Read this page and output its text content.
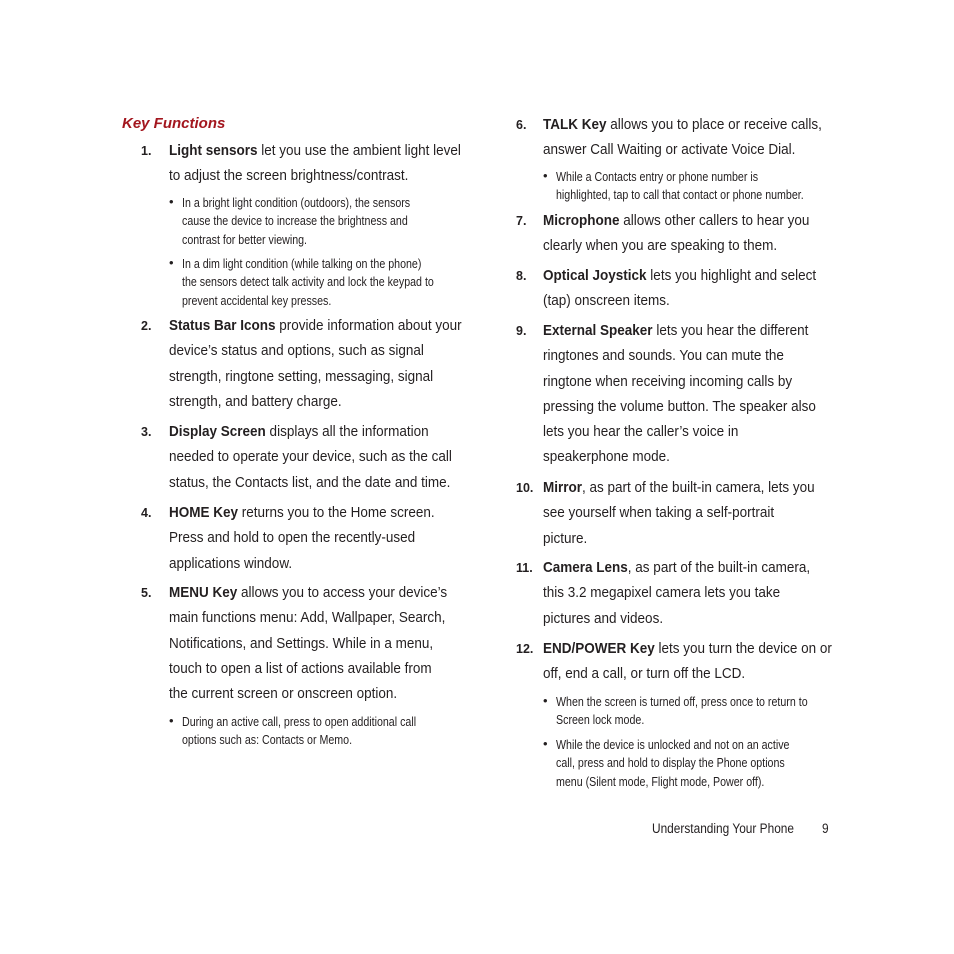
Key Functions
1. Light sensors let you use the ambient light level
to adjust the screen brightness/contrast.
• In a bright light condition (outdoors), the sensors
cause the device to increase the brightness and
contrast for better viewing.
• In a dim light condition (while talking on the phone)
the sensors detect talk activity and lock the keypad to
prevent accidental key presses.
2. Status Bar Icons provide information about your
device’s status and options, such as signal
strength, ringtone setting, messaging, signal
strength, and battery charge.
3. Display Screen displays all the information
needed to operate your device, such as the call
status, the Contacts list, and the date and time.
4. HOME Key returns you to the Home screen.
Press and hold to open the recently-used
applications window.
5. MENU Key allows you to access your device’s
main functions menu: Add, Wallpaper, Search,
Notifications, and Settings. While in a menu,
touch to open a list of actions available from
the current screen or onscreen option.
• During an active call, press to open additional call
options such as: Contacts or Memo.
6. TALK Key allows you to place or receive calls,
answer Call Waiting or activate Voice Dial.
• While a Contacts entry or phone number is
highlighted, tap to call that contact or phone number.
7. Microphone allows other callers to hear you
clearly when you are speaking to them.
8. Optical Joystick lets you highlight and select
(tap) onscreen items.
9. External Speaker lets you hear the different
ringtones and sounds. You can mute the
ringtone when receiving incoming calls by
pressing the volume button. The speaker also
lets you hear the caller’s voice in
speakerphone mode.
10. Mirror, as part of the built-in camera, lets you
see yourself when taking a self-portrait
picture.
11. Camera Lens, as part of the built-in camera,
this 3.2 megapixel camera lets you take
pictures and videos.
12. END/POWER Key lets you turn the device on or
off, end a call, or turn off the LCD.
• When the screen is turned off, press once to return to
Screen lock mode.
• While the device is unlocked and not on an active
call, press and hold to display the Phone options
menu (Silent mode, Flight mode, Power off).
Understanding Your Phone 9
